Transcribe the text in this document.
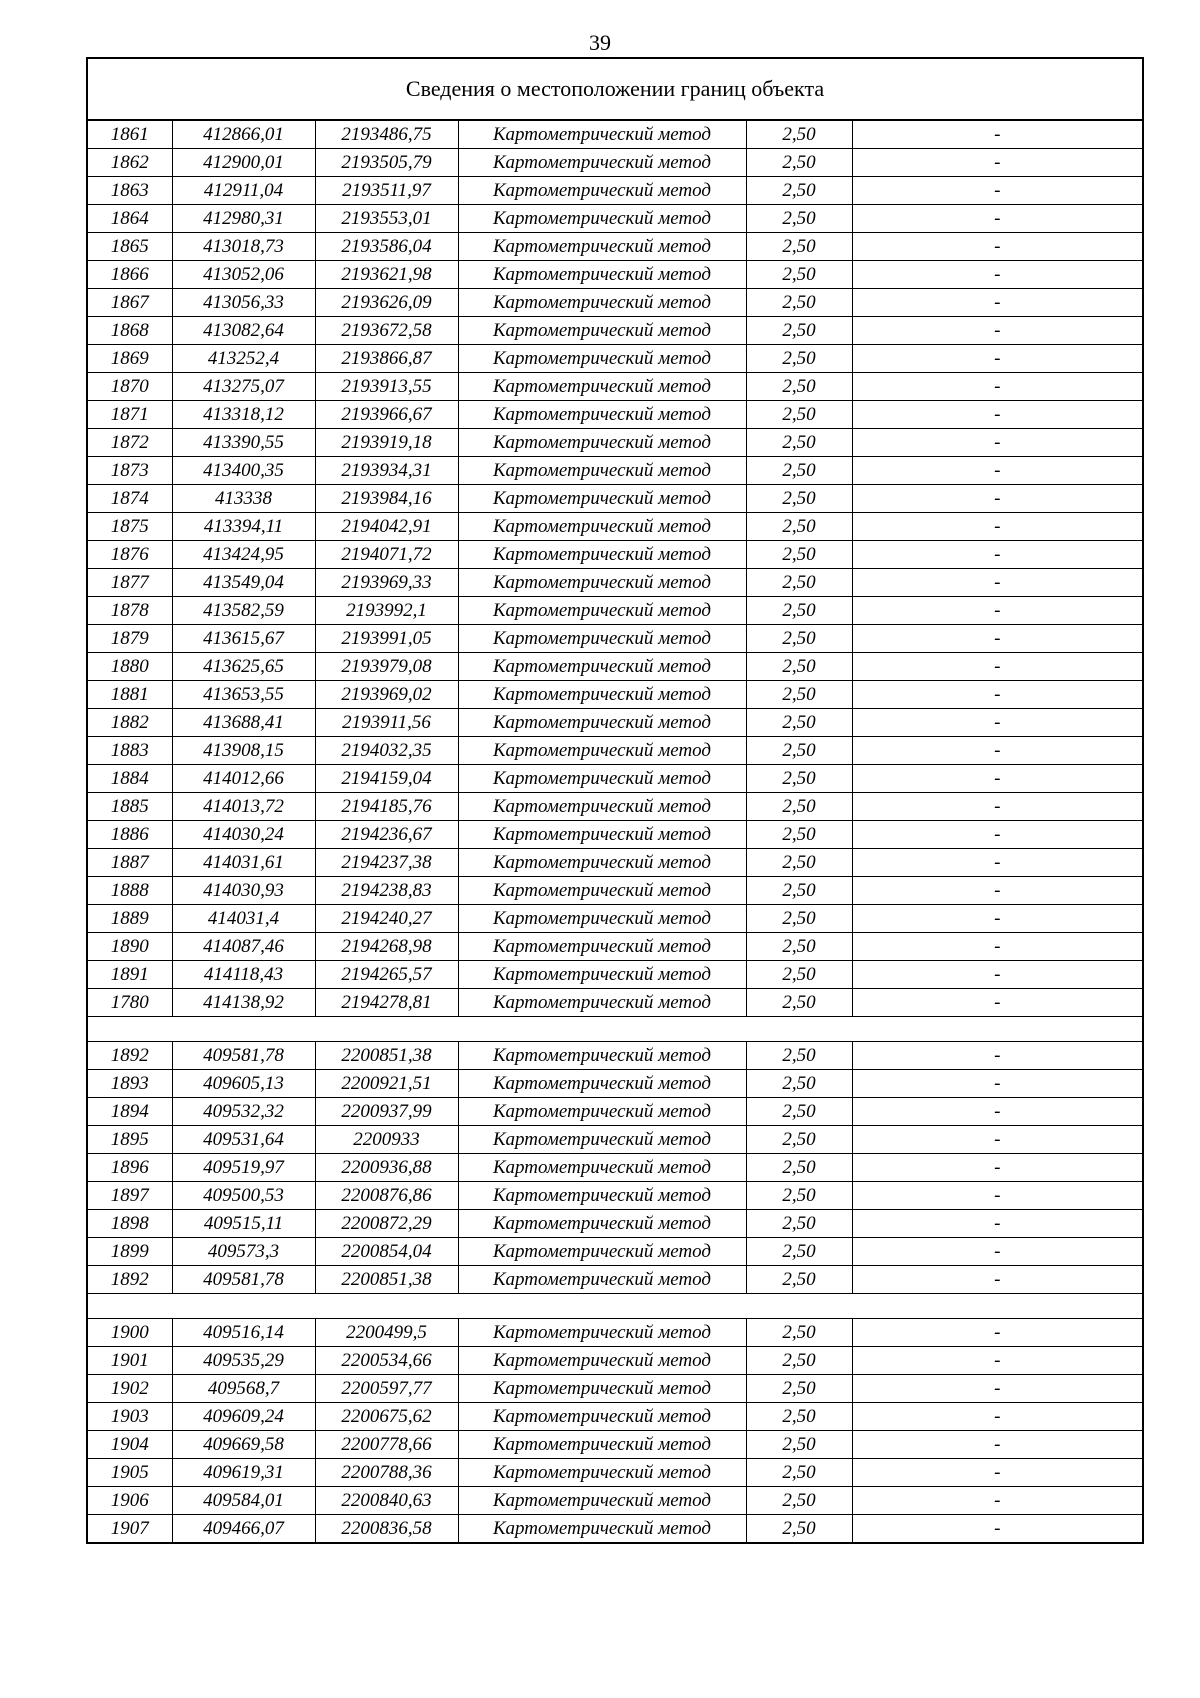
39
Сведения о местоположении границ объекта
1861	412866,01	2193486,75	Картометрический метод	2,50	-
1862	412900,01	2193505,79	Картометрический метод	2,50	-
1863	412911,04	2193511,97	Картометрический метод	2,50	-
1864	412980,31	2193553,01	Картометрический метод	2,50	-
1865	413018,73	2193586,04	Картометрический метод	2,50	-
1866	413052,06	2193621,98	Картометрический метод	2,50	-
1867	413056,33	2193626,09	Картометрический метод	2,50	-
1868	413082,64	2193672,58	Картометрический метод	2,50	-
1869	413252,4	2193866,87	Картометрический метод	2,50	-
1870	413275,07	2193913,55	Картометрический метод	2,50	-
1871	413318,12	2193966,67	Картометрический метод	2,50	-
1872	413390,55	2193919,18	Картометрический метод	2,50	-
1873	413400,35	2193934,31	Картометрический метод	2,50	-
1874	413338	2193984,16	Картометрический метод	2,50	-
1875	413394,11	2194042,91	Картометрический метод	2,50	-
1876	413424,95	2194071,72	Картометрический метод	2,50	-
1877	413549,04	2193969,33	Картометрический метод	2,50	-
1878	413582,59	2193992,1	Картометрический метод	2,50	-
1879	413615,67	2193991,05	Картометрический метод	2,50	-
1880	413625,65	2193979,08	Картометрический метод	2,50	-
1881	413653,55	2193969,02	Картометрический метод	2,50	-
1882	413688,41	2193911,56	Картометрический метод	2,50	-
1883	413908,15	2194032,35	Картометрический метод	2,50	-
1884	414012,66	2194159,04	Картометрический метод	2,50	-
1885	414013,72	2194185,76	Картометрический метод	2,50	-
1886	414030,24	2194236,67	Картометрический метод	2,50	-
1887	414031,61	2194237,38	Картометрический метод	2,50	-
1888	414030,93	2194238,83	Картометрический метод	2,50	-
1889	414031,4	2194240,27	Картометрический метод	2,50	-
1890	414087,46	2194268,98	Картометрический метод	2,50	-
1891	414118,43	2194265,57	Картометрический метод	2,50	-
1780	414138,92	2194278,81	Картометрический метод	2,50	-

1892	409581,78	2200851,38	Картометрический метод	2,50	-
1893	409605,13	2200921,51	Картометрический метод	2,50	-
1894	409532,32	2200937,99	Картометрический метод	2,50	-
1895	409531,64	2200933	Картометрический метод	2,50	-
1896	409519,97	2200936,88	Картометрический метод	2,50	-
1897	409500,53	2200876,86	Картометрический метод	2,50	-
1898	409515,11	2200872,29	Картометрический метод	2,50	-
1899	409573,3	2200854,04	Картометрический метод	2,50	-
1892	409581,78	2200851,38	Картометрический метод	2,50	-

1900	409516,14	2200499,5	Картометрический метод	2,50	-
1901	409535,29	2200534,66	Картометрический метод	2,50	-
1902	409568,7	2200597,77	Картометрический метод	2,50	-
1903	409609,24	2200675,62	Картометрический метод	2,50	-
1904	409669,58	2200778,66	Картометрический метод	2,50	-
1905	409619,31	2200788,36	Картометрический метод	2,50	-
1906	409584,01	2200840,63	Картометрический метод	2,50	-
1907	409466,07	2200836,58	Картометрический метод	2,50	-
